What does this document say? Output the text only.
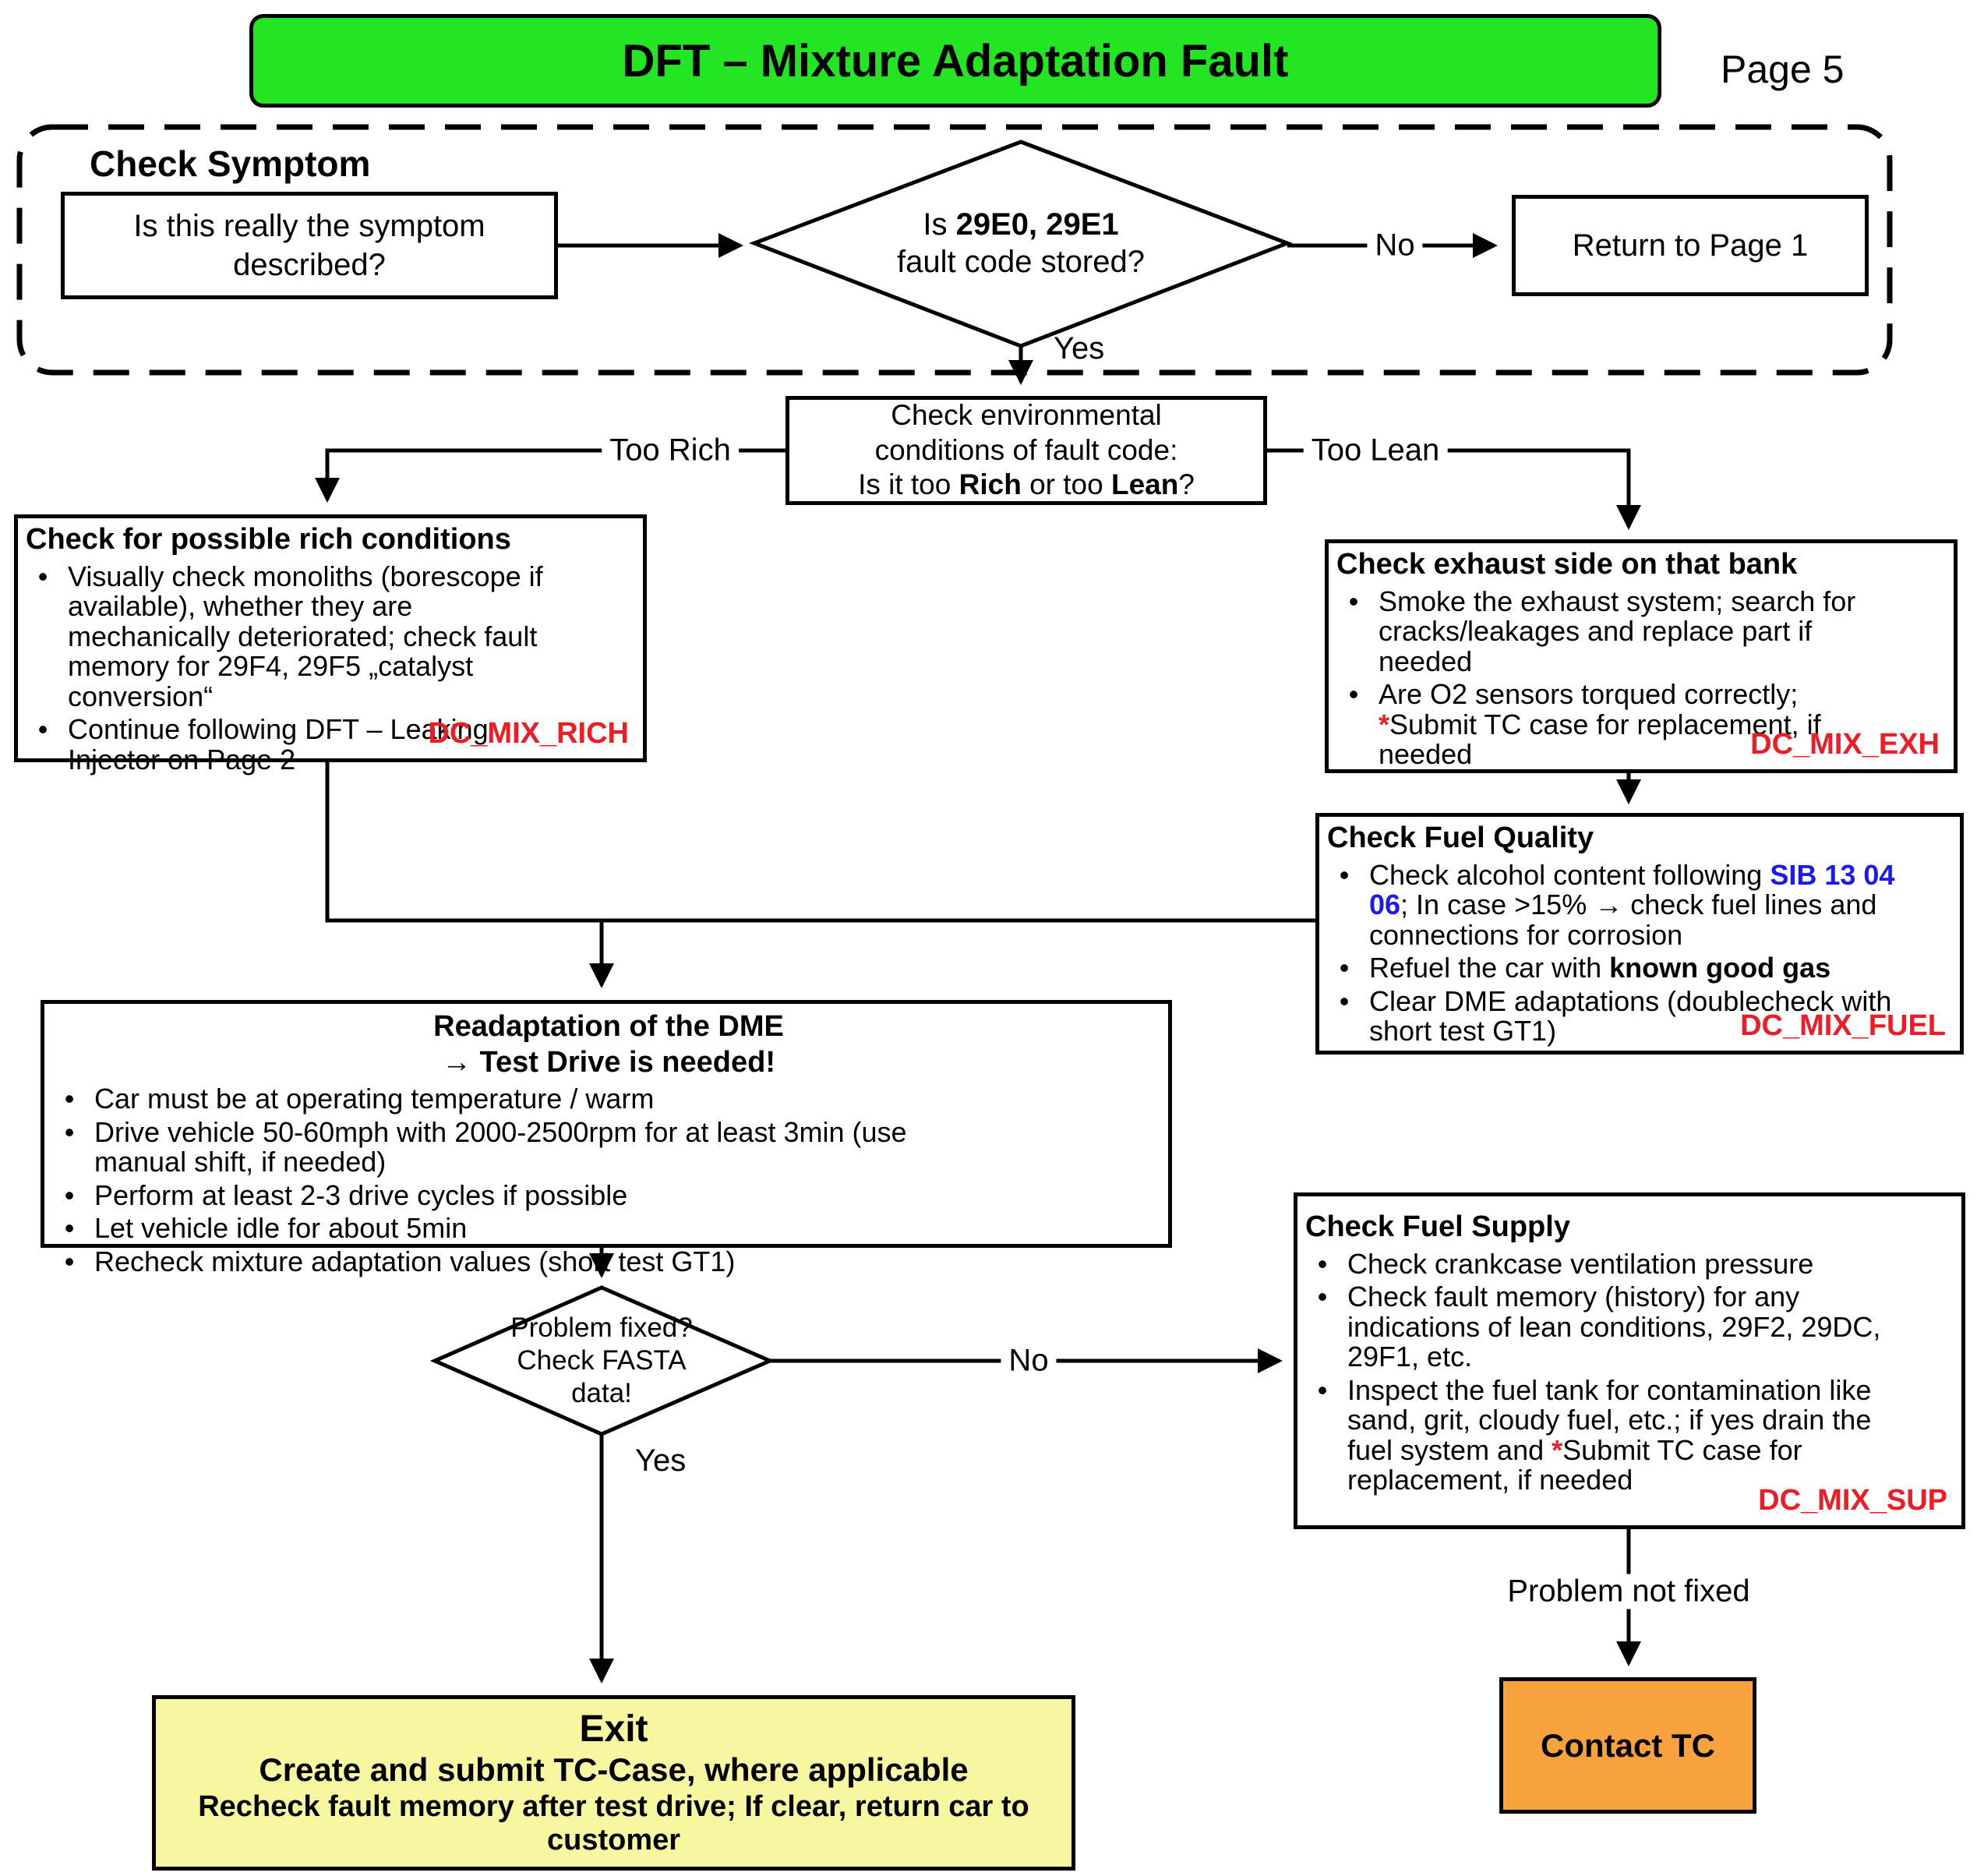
DFT – Mixture Adaptation Fault	Page 5
Check Symptom
Is this really the symptom described?
Is 29E0, 29E1
fault code stored?	No	Return to Page 1
Yes
Check environmental
conditions of fault code:
Is it too Rich or too Lean?
Too Rich	Too Lean
Check for possible rich conditions
• Visually check monoliths (borescope if available), whether they are mechanically deteriorated; check fault memory for 29F4, 29F5 „catalyst conversion“
• Continue following DFT – Leaking Injector on Page 2
DC_MIX_RICH
Check exhaust side on that bank
• Smoke the exhaust system; search for cracks/leakages and replace part if needed
• Are O2 sensors torqued correctly; *Submit TC case for replacement, if needed	DC_MIX_EXH
Check Fuel Quality
• Check alcohol content following SIB 13 04 06; In case >15% → check fuel lines and connections for corrosion
• Refuel the car with known good gas
• Clear DME adaptations (doublecheck with short test GT1)	DC_MIX_FUEL
Readaptation of the DME
→ Test Drive is needed!
• Car must be at operating temperature / warm
• Drive vehicle 50-60mph with 2000-2500rpm for at least 3min (use manual shift, if needed)
• Perform at least 2-3 drive cycles if possible
• Let vehicle idle for about 5min
• Recheck mixture adaptation values (short test GT1)
Problem fixed?
Check FASTA
data!
No
Yes
Check Fuel Supply
• Check crankcase ventilation pressure
• Check fault memory (history) for any indications of lean conditions, 29F2, 29DC, 29F1, etc.
• Inspect the fuel tank for contamination like sand, grit, cloudy fuel, etc.; if yes drain the fuel system and *Submit TC case for replacement, if needed
DC_MIX_SUP
Problem not fixed
Contact TC
Exit
Create and submit TC-Case, where applicable
Recheck fault memory after test drive; If clear, return car to customer
